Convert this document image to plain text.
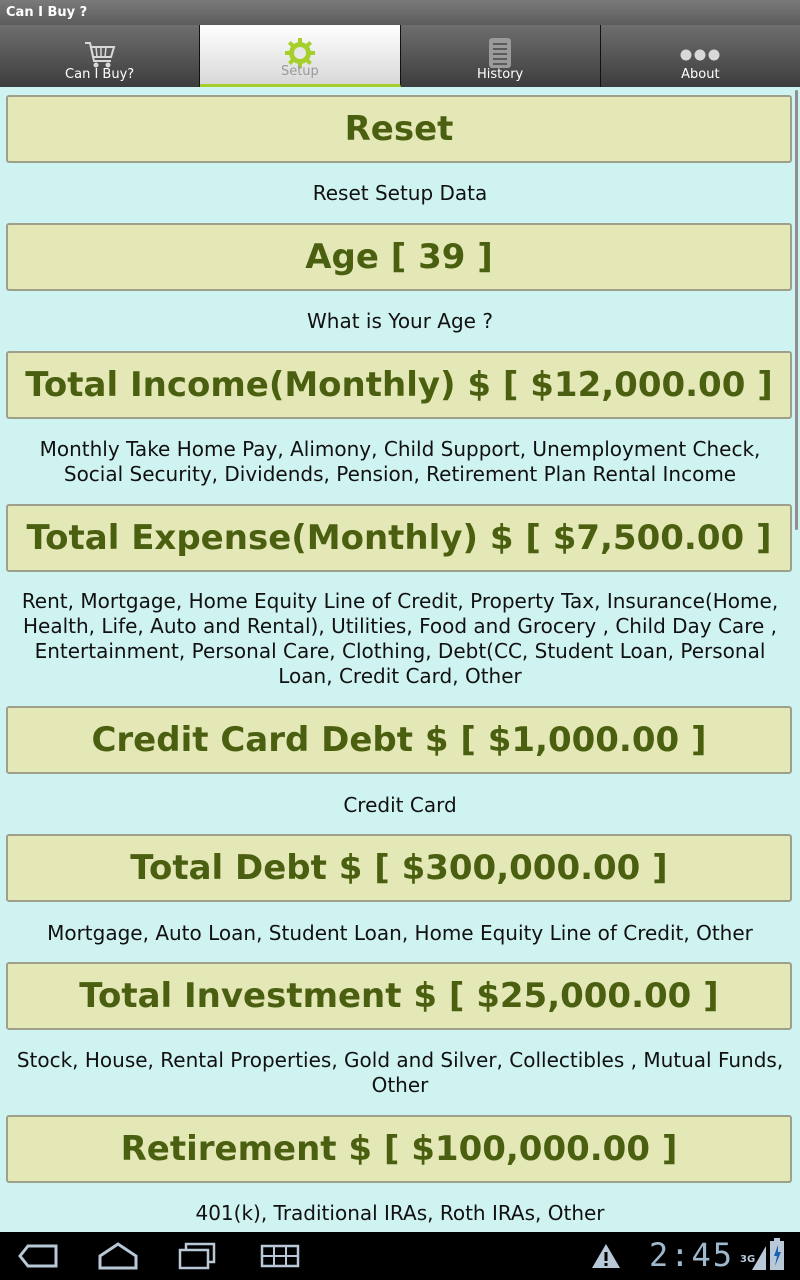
Can I Buy ?
Can I Buy?	Setup	History	About
Reset
Reset Setup Data
Age [ 39 ]
What is Your Age ?
Total Income(Monthly) $ [ $12,000.00 ]
Monthly Take Home Pay, Alimony, Child Support, Unemployment Check, Social Security, Dividends, Pension, Retirement Plan Rental Income
Total Expense(Monthly) $ [ $7,500.00 ]
Rent, Mortgage, Home Equity Line of Credit, Property Tax, Insurance(Home, Health, Life, Auto and Rental), Utilities, Food and Grocery , Child Day Care , Entertainment, Personal Care, Clothing, Debt(CC, Student Loan, Personal Loan, Credit Card, Other
Credit Card Debt $ [ $1,000.00 ]
Credit Card
Total Debt $ [ $300,000.00 ]
Mortgage, Auto Loan, Student Loan, Home Equity Line of Credit, Other
Total Investment $ [ $25,000.00 ]
Stock, House, Rental Properties, Gold and Silver, Collectibles , Mutual Funds, Other
Retirement $ [ $100,000.00 ]
401(k), Traditional IRAs, Roth IRAs, Other
2:45 3G
